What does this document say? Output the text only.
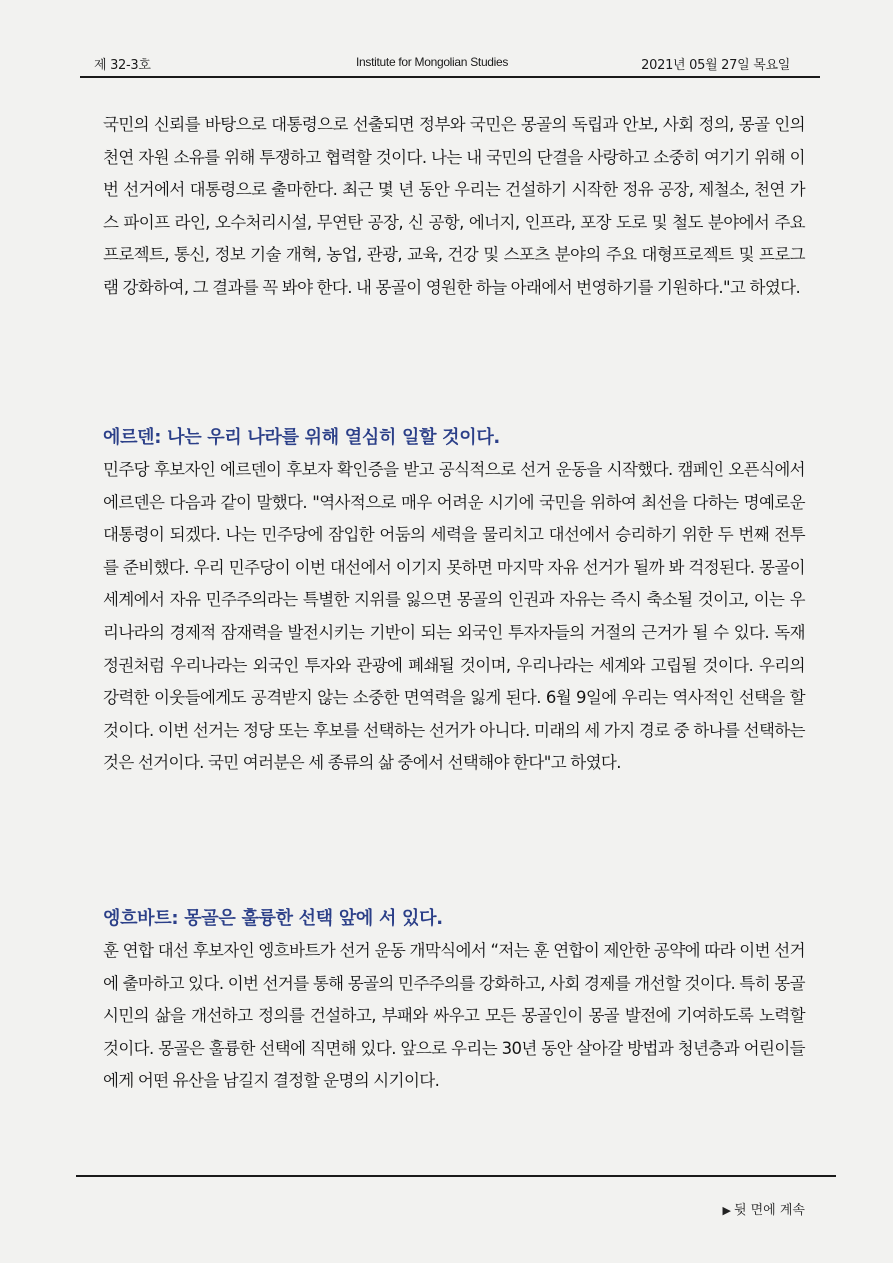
제 32-3호	Institute for Mongolian Studies	2021년 05월 27일 목요일

국민의 신뢰를 바탕으로 대통령으로 선출되면 정부와 국민은 몽골의 독립과 안보, 사회 정의, 몽골 인의 천연 자원 소유를 위해 투쟁하고 협력할 것이다. 나는 내 국민의 단결을 사랑하고 소중히 여기기 위해 이번 선거에서 대통령으로 출마한다. 최근 몇 년 동안 우리는 건설하기 시작한 정유 공장, 제철소, 천연 가스 파이프 라인, 오수처리시설, 무연탄 공장, 신 공항, 에너지, 인프라, 포장 도로 및 철도 분야에서 주요 프로젝트, 통신, 정보 기술 개혁, 농업, 관광, 교육, 건강 및 스포츠 분야의 주요 대형프로젝트 및 프로그램 강화하여, 그 결과를 꼭 봐야 한다. 내 몽골이 영원한 하늘 아래에서 번영하기를 기원하다."고 하였다.

에르덴: 나는 우리 나라를 위해 열심히 일할 것이다.

민주당 후보자인 에르덴이 후보자 확인증을 받고 공식적으로 선거 운동을 시작했다. 캠페인 오픈식에서 에르덴은 다음과 같이 말했다. "역사적으로 매우 어려운 시기에 국민을 위하여 최선을 다하는 명예로운 대통령이 되겠다. 나는 민주당에 잠입한 어둠의 세력을 물리치고 대선에서 승리하기 위한 두 번째 전투를 준비했다. 우리 민주당이 이번 대선에서 이기지 못하면 마지막 자유 선거가 될까 봐 걱정된다. 몽골이 세계에서 자유 민주주의라는 특별한 지위를 잃으면 몽골의 인권과 자유는 즉시 축소될 것이고, 이는 우리나라의 경제적 잠재력을 발전시키는 기반이 되는 외국인 투자자들의 거절의 근거가 될 수 있다. 독재 정권처럼 우리나라는 외국인 투자와 관광에 폐쇄될 것이며, 우리나라는 세계와 고립될 것이다. 우리의 강력한 이웃들에게도 공격받지 않는 소중한 면역력을 잃게 된다. 6월 9일에 우리는 역사적인 선택을 할 것이다. 이번 선거는 정당 또는 후보를 선택하는 선거가 아니다. 미래의 세 가지 경로 중 하나를 선택하는 것은 선거이다. 국민 여러분은 세 종류의 삶 중에서 선택해야 한다"고 하였다.

엥흐바트: 몽골은 훌륭한 선택 앞에 서 있다.

훈 연합 대선 후보자인 엥흐바트가 선거 운동 개막식에서 “저는 훈 연합이 제안한 공약에 따라 이번 선거에 출마하고 있다. 이번 선거를 통해 몽골의 민주주의를 강화하고, 사회 경제를 개선할 것이다. 특히 몽골 시민의 삶을 개선하고 정의를 건설하고, 부패와 싸우고 모든 몽골인이 몽골 발전에 기여하도록 노력할 것이다. 몽골은 훌륭한 선택에 직면해 있다. 앞으로 우리는 30년 동안 살아갈 방법과 청년층과 어린이들에게 어떤 유산을 남길지 결정할 운명의 시기이다.

▶ 뒷 면에 계속
